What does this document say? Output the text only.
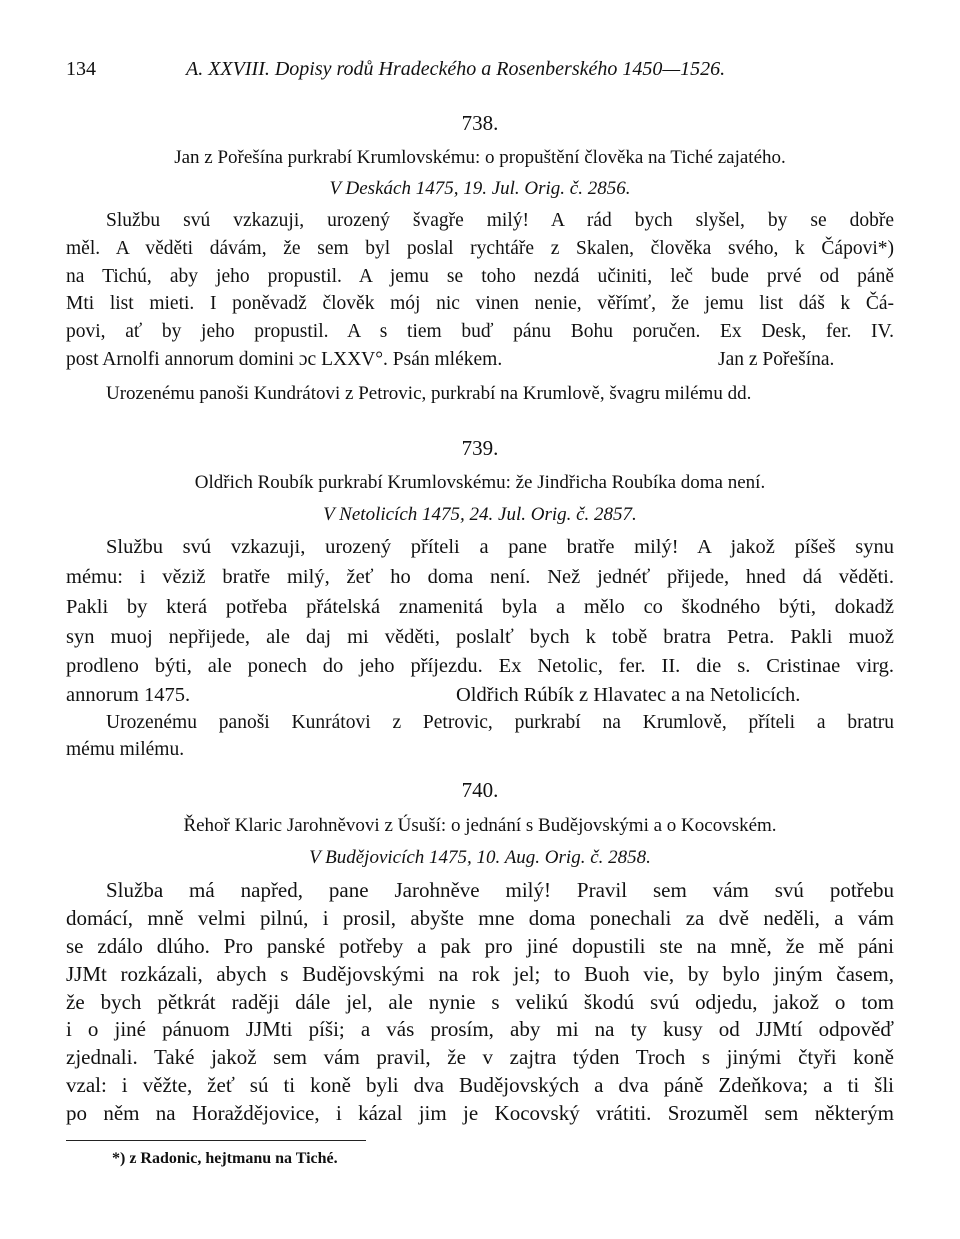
134	A. XXVIII. Dopisy rodů Hradeckého a Rosenberského 1450—1526.
738.
Jan z Pořešína purkrabí Krumlovskému: o propuštění člověka na Tiché zajatého.
V Deskách 1475, 19. Jul. Orig. č. 2856.
Službu svú vzkazuji, urozený švagře milý! A rád bych slyšel, by se dobře
měl. A věděti dávám, že sem byl poslal rychtáře z Skalen, člověka svého, k Čápovi*)
na Tichú, aby jeho propustil. A jemu se toho nezdá učiniti, leč bude prvé od páně
Mti list mieti. I poněvadž člověk mój nic vinen nenie, věřímť, že jemu list dáš k Čá-
povi, ať by jeho propustil. A s tiem buď pánu Bohu poručen. Ex Desk, fer. IV.
post Arnolfi annorum domini ɔc LXXV°. Psán mlékem.	Jan z Pořešína.
Urozenému panoši Kundrátovi z Petrovic, purkrabí na Krumlově, švagru milému dd.
739.
Oldřich Roubík purkrabí Krumlovskému: že Jindřicha Roubíka doma není.
V Netolicích 1475, 24. Jul. Orig. č. 2857.
Službu svú vzkazuji, urozený příteli a pane bratře milý! A jakož píšeš synu
mému: i věziž bratře milý, žeť ho doma není. Než jednéť přijede, hned dá věděti.
Pakli by která potřeba přátelská znamenitá byla a mělo co škodného býti, dokadž
syn muoj nepřijede, ale daj mi věděti, poslalť bych k tobě bratra Petra. Pakli muož
prodleno býti, ale ponech do jeho příjezdu. Ex Netolic, fer. II. die s. Cristinae virg.
annorum 1475.	Oldřich Rúbík z Hlavatec a na Netolicích.
Urozenému panoši Kunrátovi z Petrovic, purkrabí na Krumlově, příteli a bratru
mému milému.
740.
Řehoř Klaric Jarohněvovi z Úsuší: o jednání s Budějovskými a o Kocovském.
V Budějovicích 1475, 10. Aug. Orig. č. 2858.
Služba má napřed, pane Jarohněve milý! Pravil sem vám svú potřebu
domácí, mně velmi pilnú, i prosil, abyšte mne doma ponechali za dvě neděli, a vám
se zdálo dlúho. Pro panské potřeby a pak pro jiné dopustili ste na mně, že mě páni
JJMt rozkázali, abych s Budějovskými na rok jel; to Buoh vie, by bylo jiným časem,
že bych pětkrát raději dále jel, ale nynie s velikú škodú svú odjedu, jakož o tom
i o jiné pánuom JJMti píši; a vás prosím, aby mi na ty kusy od JJMtí odpověď
zjednali. Také jakož sem vám pravil, že v zajtra týden Troch s jinými čtyři koně
vzal: i věžte, žeť sú ti koně byli dva Budějovských a dva páně Zdeňkova; a ti šli
po něm na Horaždějovice, i kázal jim je Kocovský vrátiti. Srozuměl sem některým
*) z Radonic, hejtmanu na Tiché.
